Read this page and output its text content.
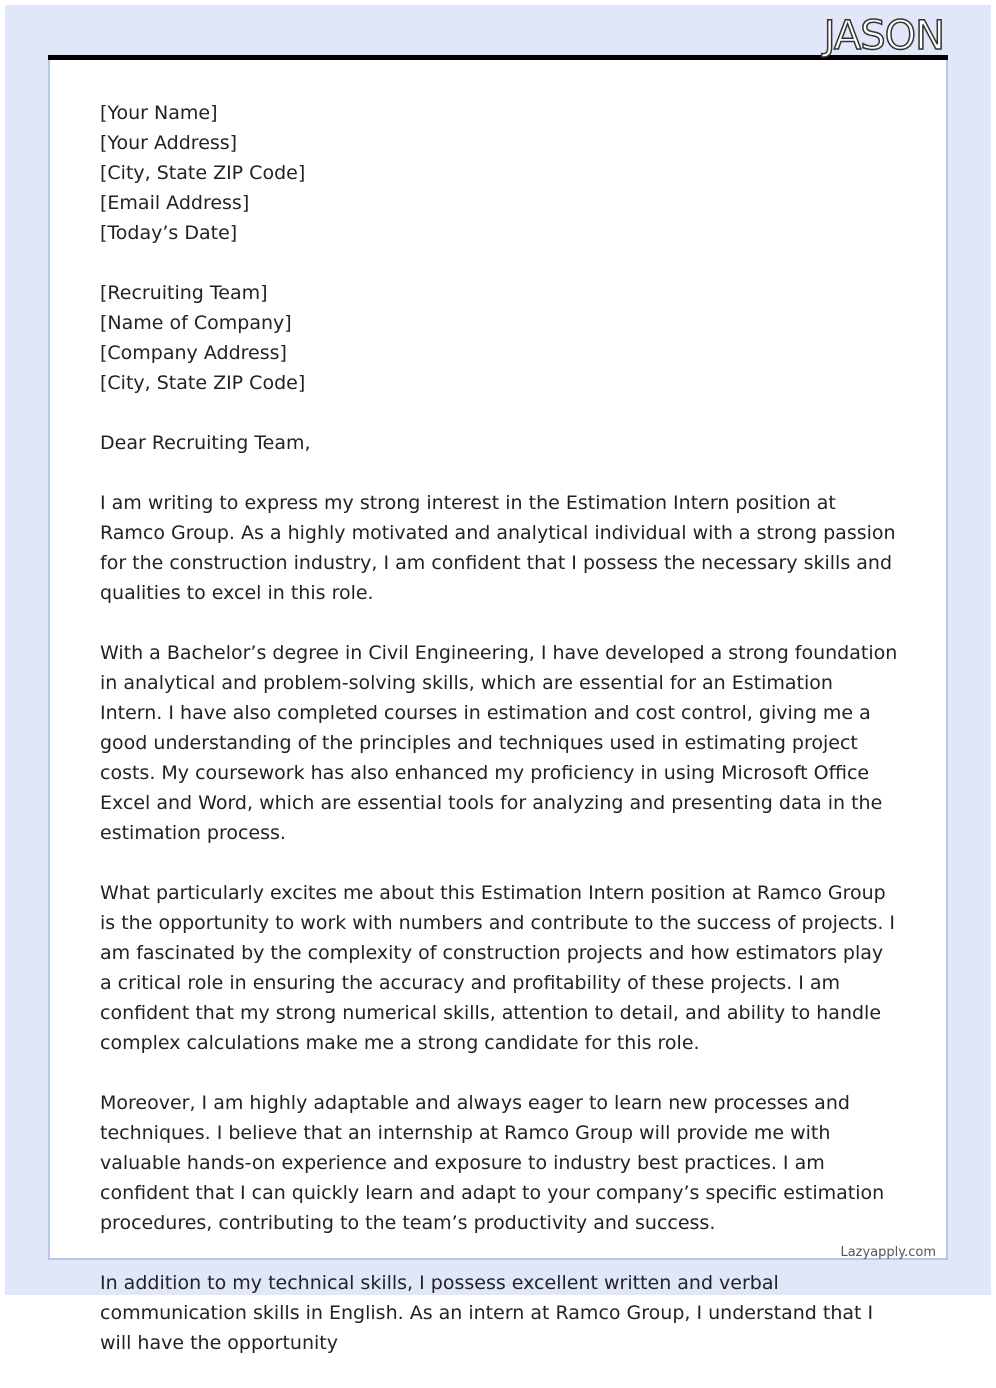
JASON
[Your Name]
[Your Address]
[City, State ZIP Code]
[Email Address]
[Today’s Date]
[Recruiting Team]
[Name of Company]
[Company Address]
[City, State ZIP Code]

Dear Recruiting Team,

I am writing to express my strong interest in the Estimation Intern position at Ramco Group. As a highly motivated and analytical individual with a strong passion for the construction industry, I am confident that I possess the necessary skills and qualities to excel in this role.

With a Bachelor’s degree in Civil Engineering, I have developed a strong foundation in analytical and problem-solving skills, which are essential for an Estimation Intern. I have also completed courses in estimation and cost control, giving me a good understanding of the principles and techniques used in estimating project costs. My coursework has also enhanced my proficiency in using Microsoft Office Excel and Word, which are essential tools for analyzing and presenting data in the estimation process.

What particularly excites me about this Estimation Intern position at Ramco Group is the opportunity to work with numbers and contribute to the success of projects. I am fascinated by the complexity of construction projects and how estimators play a critical role in ensuring the accuracy and profitability of these projects. I am confident that my strong numerical skills, attention to detail, and ability to handle complex calculations make me a strong candidate for this role.

Moreover, I am highly adaptable and always eager to learn new processes and techniques. I believe that an internship at Ramco Group will provide me with valuable hands-on experience and exposure to industry best practices. I am confident that I can quickly learn and adapt to your company’s specific estimation procedures, contributing to the team’s productivity and success.

In addition to my technical skills, I possess excellent written and verbal communication skills in English. As an intern at Ramco Group, I understand that I will have the opportunity

Lazyapply.com
